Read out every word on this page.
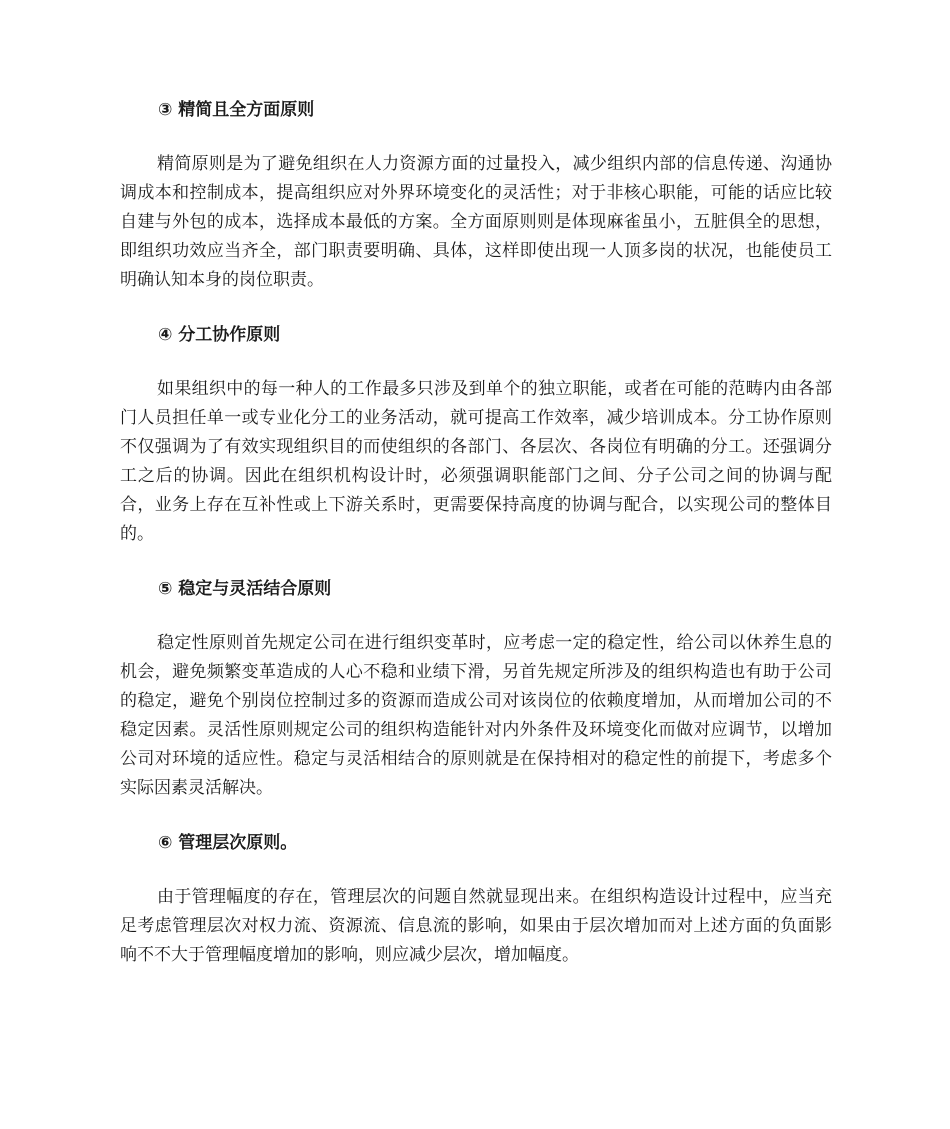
③ 精简且全方面原则

精简原则是为了避免组织在人力资源方面的过量投入，减少组织内部的信息传递、沟通协调成本和控制成本，提高组织应对外界环境变化的灵活性；对于非核心职能，可能的话应比较自建与外包的成本，选择成本最低的方案。全方面原则则是体现麻雀虽小，五脏俱全的思想，即组织功效应当齐全，部门职责要明确、具体，这样即使出现一人顶多岗的状况，也能使员工明确认知本身的岗位职责。

④ 分工协作原则

如果组织中的每一种人的工作最多只涉及到单个的独立职能，或者在可能的范畴内由各部门人员担任单一或专业化分工的业务活动，就可提高工作效率，减少培训成本。分工协作原则不仅强调为了有效实现组织目的而使组织的各部门、各层次、各岗位有明确的分工。还强调分工之后的协调。因此在组织机构设计时，必须强调职能部门之间、分子公司之间的协调与配合，业务上存在互补性或上下游关系时，更需要保持高度的协调与配合，以实现公司的整体目的。

⑤ 稳定与灵活结合原则

稳定性原则首先规定公司在进行组织变革时，应考虑一定的稳定性，给公司以休养生息的机会，避免频繁变革造成的人心不稳和业绩下滑，另首先规定所涉及的组织构造也有助于公司的稳定，避免个别岗位控制过多的资源而造成公司对该岗位的依赖度增加，从而增加公司的不稳定因素。灵活性原则规定公司的组织构造能针对内外条件及环境变化而做对应调节，以增加公司对环境的适应性。稳定与灵活相结合的原则就是在保持相对的稳定性的前提下，考虑多个实际因素灵活解决。

⑥ 管理层次原则。

由于管理幅度的存在，管理层次的问题自然就显现出来。在组织构造设计过程中，应当充足考虑管理层次对权力流、资源流、信息流的影响，如果由于层次增加而对上述方面的负面影响不不大于管理幅度增加的影响，则应减少层次，增加幅度。
